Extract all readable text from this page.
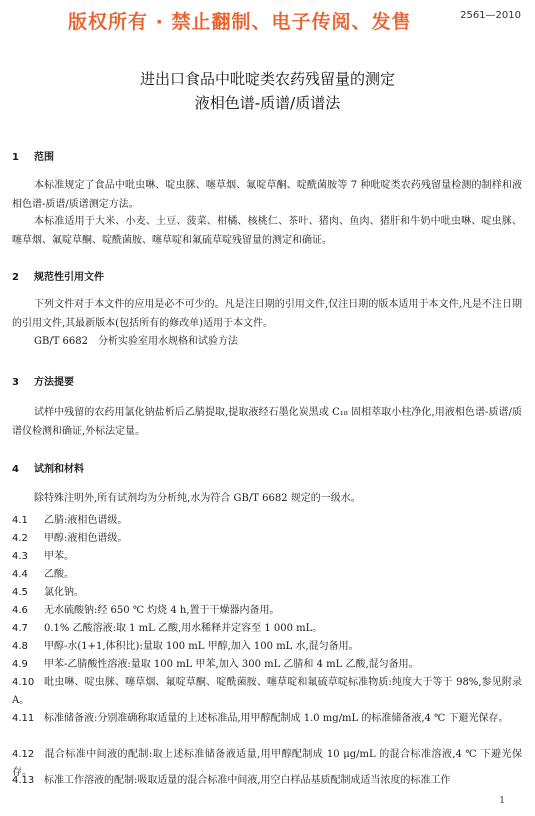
版权所有 · 禁止翻制、电子传阅、发售	2561—2010
进出口食品中吡啶类农药残留量的测定
液相色谱-质谱/质谱法
1 范围
本标准规定了食品中吡虫啉、啶虫脒、噻草烟、氟啶草酮、啶酰菌胺等 7 种吡啶类农药残留量检测的制样和液相色谱-质谱/质谱测定方法。
本标准适用于大米、小麦、土豆、菠菜、柑橘、核桃仁、茶叶、猪肉、鱼肉、猪肝和牛奶中吡虫啉、啶虫脒、噻草烟、氟啶草酮、啶酰菌胺、噻草啶和氟硫草啶残留量的测定和确证。
2 规范性引用文件
下列文件对于本文件的应用是必不可少的。凡是注日期的引用文件,仅注日期的版本适用于本文件,凡是不注日期的引用文件,其最新版本(包括所有的修改单)适用于本文件。
GB/T 6682　分析实验室用水规格和试验方法
3 方法提要
试样中残留的农药用氯化钠盐析后乙腈提取,提取液经石墨化炭黑或 C₁₈ 固相萃取小柱净化,用液相色谱-质谱/质谱仪检测和确证,外标法定量。
4 试剂和材料
除特殊注明外,所有试剂均为分析纯,水为符合 GB/T 6682 规定的一级水。
4.1 乙腈:液相色谱级。
4.2 甲醇:液相色谱级。
4.3 甲苯。
4.4 乙酸。
4.5 氯化钠。
4.6 无水硫酸钠:经 650 ℃ 灼烧 4 h,置于干燥器内备用。
4.7 0.1% 乙酸溶液:取 1 mL 乙酸,用水稀释并定容至 1 000 mL。
4.8 甲醇-水(1+1,体积比):量取 100 mL 甲醇,加入 100 mL 水,混匀备用。
4.9 甲苯-乙腈酸性溶液:量取 100 mL 甲苯,加入 300 mL 乙腈和 4 mL 乙酸,混匀备用。
4.10 吡虫啉、啶虫脒、噻草烟、氟啶草酮、啶酰菌胺、噻草啶和氟硫草啶标准物质:纯度大于等于 98%,参见附录 A。
4.11 标准储备液:分别准确称取适量的上述标准品,用甲醇配制成 1.0 mg/mL 的标准储备液,4 ℃ 下避光保存。
4.12 混合标准中间液的配制:取上述标准储备液适量,用甲醇配制成 10 μg/mL 的混合标准溶液,4 ℃ 下避光保存。
4.13 标准工作溶液的配制:吸取适量的混合标准中间液,用空白样品基质配制成适当浓度的标准工作
1
